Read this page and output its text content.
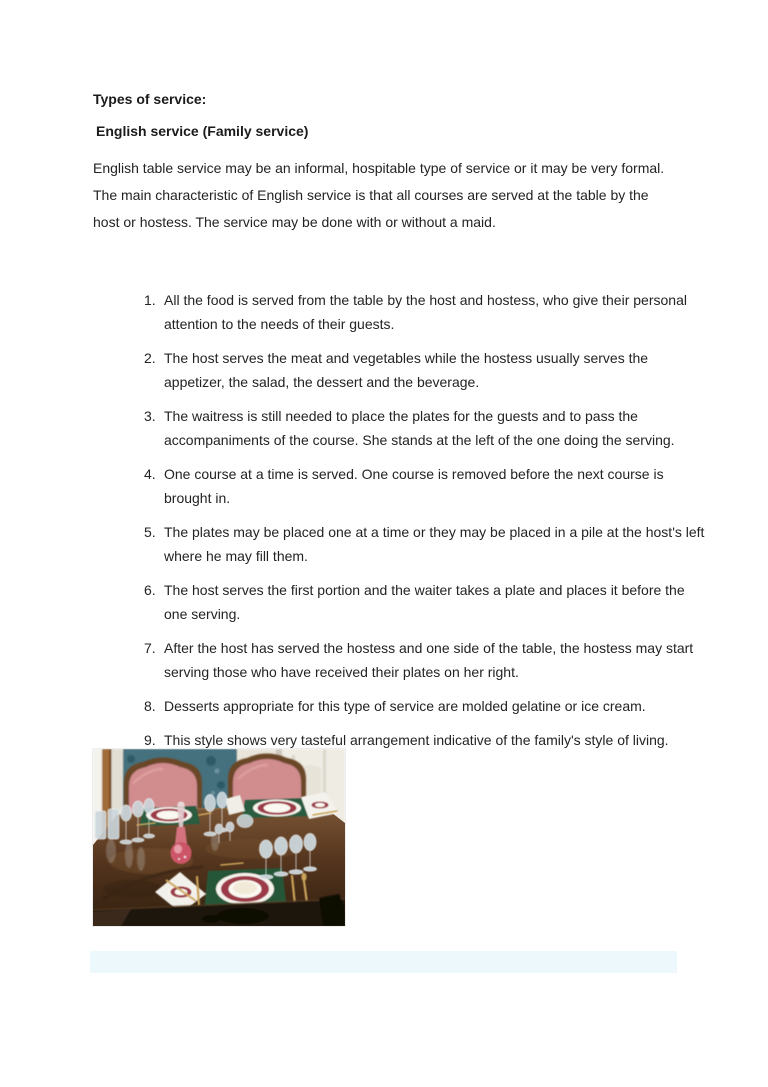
Types of service:
English service (Family service)
English table service may be an informal, hospitable type of service or it may be very formal. The main characteristic of English service is that all courses are served at the table by the host or hostess. The service may be done with or without a maid.
1. All the food is served from the table by the host and hostess, who give their personal attention to the needs of their guests.
2. The host serves the meat and vegetables while the hostess usually serves the appetizer, the salad, the dessert and the beverage.
3. The waitress is still needed to place the plates for the guests and to pass the accompaniments of the course. She stands at the left of the one doing the serving.
4. One course at a time is served. One course is removed before the next course is brought in.
5. The plates may be placed one at a time or they may be placed in a pile at the host's left where he may fill them.
6. The host serves the first portion and the waiter takes a plate and places it before the one serving.
7. After the host has served the hostess and one side of the table, the hostess may start serving those who have received their plates on her right.
8. Desserts appropriate for this type of service are molded gelatine or ice cream.
9. This style shows very tasteful arrangement indicative of the family's style of living.
